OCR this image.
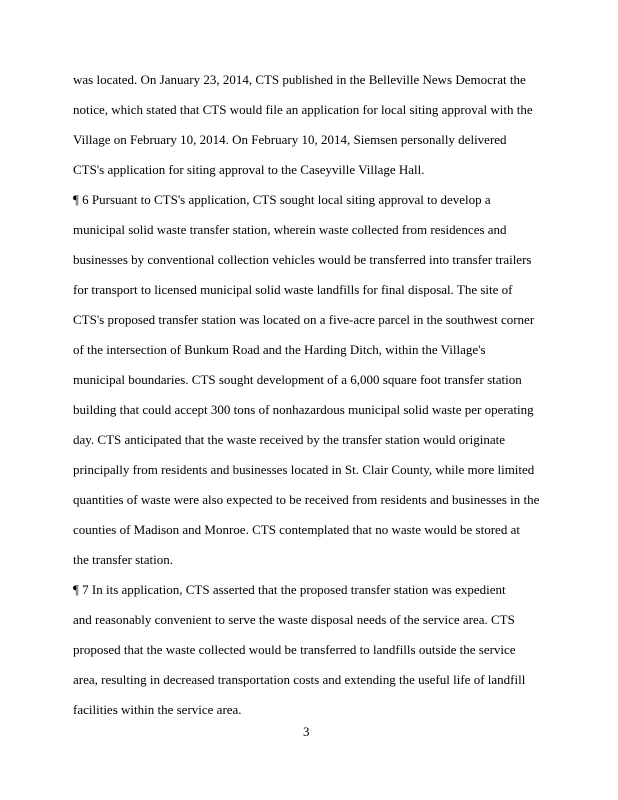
was located. On January 23, 2014, CTS published in the Belleville News Democrat the
notice, which stated that CTS would file an application for local siting approval with the
Village on February 10, 2014. On February 10, 2014, Siemsen personally delivered
CTS's application for siting approval to the Caseyville Village Hall.
¶ 6 Pursuant to CTS's application, CTS sought local siting approval to develop a
municipal solid waste transfer station, wherein waste collected from residences and
businesses by conventional collection vehicles would be transferred into transfer trailers
for transport to licensed municipal solid waste landfills for final disposal. The site of
CTS's proposed transfer station was located on a five-acre parcel in the southwest corner
of the intersection of Bunkum Road and the Harding Ditch, within the Village's
municipal boundaries. CTS sought development of a 6,000 square foot transfer station
building that could accept 300 tons of nonhazardous municipal solid waste per operating
day. CTS anticipated that the waste received by the transfer station would originate
principally from residents and businesses located in St. Clair County, while more limited
quantities of waste were also expected to be received from residents and businesses in the
counties of Madison and Monroe. CTS contemplated that no waste would be stored at
the transfer station.
¶ 7 In its application, CTS asserted that the proposed transfer station was expedient
and reasonably convenient to serve the waste disposal needs of the service area. CTS
proposed that the waste collected would be transferred to landfills outside the service
area, resulting in decreased transportation costs and extending the useful life of landfill
facilities within the service area.
3
